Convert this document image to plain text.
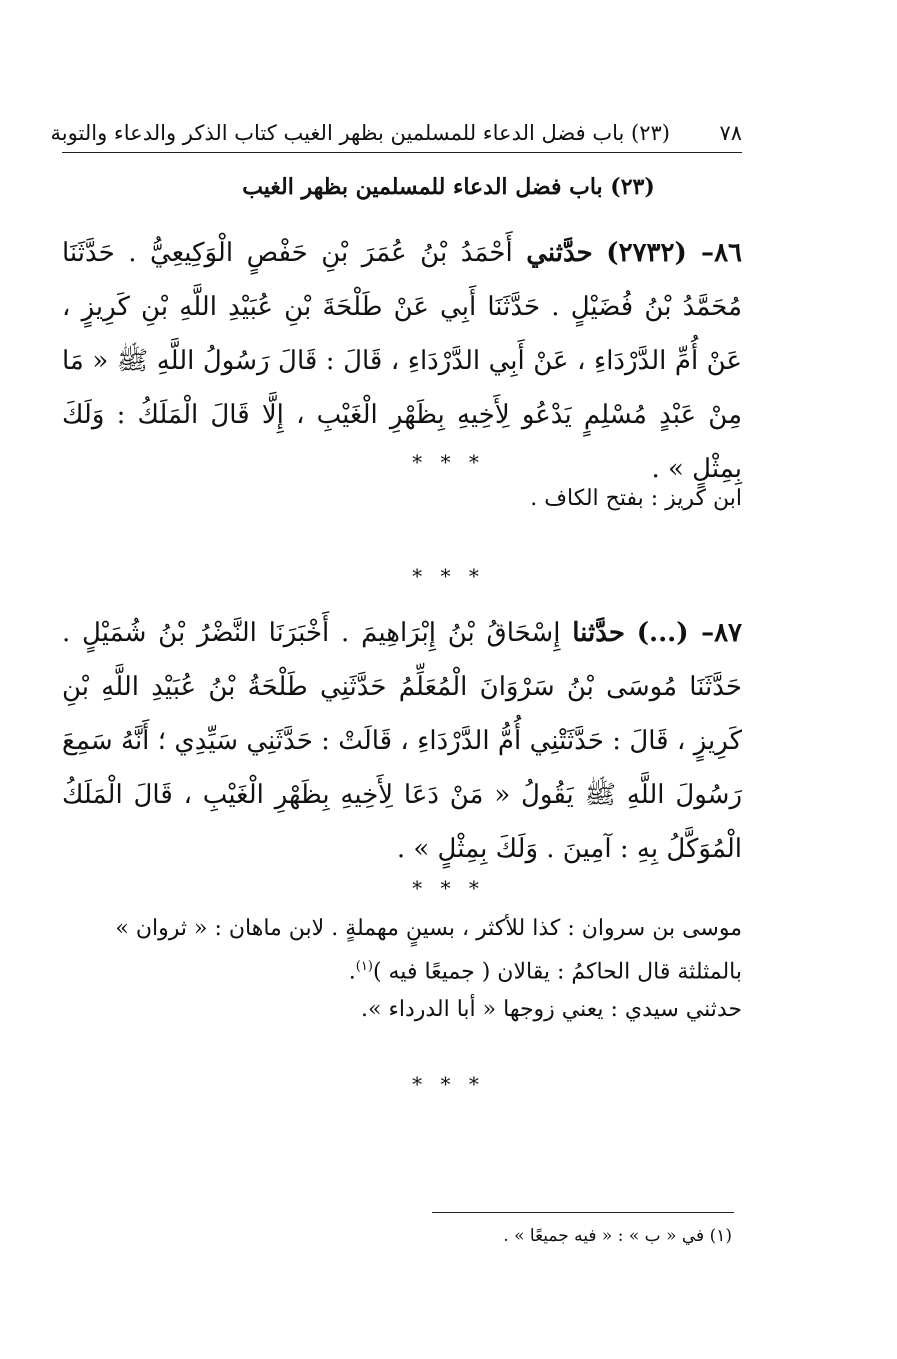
٧٨
(٢٣) باب فضل الدعاء للمسلمين بظهر الغيب كتاب الذكر والدعاء والتوبة
(٢٣) باب فضل الدعاء للمسلمين بظهر الغيب
٨٦– (٢٧٣٢) حدَّثني أَحْمَدُ بْنُ عُمَرَ بْنِ حَفْصٍ الْوَكِيعِيُّ . حَدَّثَنَا مُحَمَّدُ بْنُ فُضَيْلٍ . حَدَّثَنَا أَبِي عَنْ طَلْحَةَ بْنِ عُبَيْدِ اللَّهِ بْنِ كَرِيزٍ ، عَنْ أُمِّ الدَّرْدَاءِ ، عَنْ أَبِي الدَّرْدَاءِ ، قَالَ : قَالَ رَسُولُ اللَّهِ ﷺ « مَا مِنْ عَبْدٍ مُسْلِمٍ يَدْعُو لِأَخِيهِ بِظَهْرِ الْغَيْبِ ، إِلَّا قَالَ الْمَلَكُ : وَلَكَ بِمِثْلٍ » .
* * *
ابن كريز : بفتح الكاف .
* * *
٨٧– (...) حدَّثنا إِسْحَاقُ بْنُ إِبْرَاهِيمَ . أَخْبَرَنَا النَّضْرُ بْنُ شُمَيْلٍ . حَدَّثَنَا مُوسَى بْنُ سَرْوَانَ الْمُعَلِّمُ حَدَّثَنِي طَلْحَةُ بْنُ عُبَيْدِ اللَّهِ بْنِ كَرِيزٍ ، قَالَ : حَدَّثَتْنِي أُمُّ الدَّرْدَاءِ ، قَالَتْ : حَدَّثَنِي سَيِّدِي ؛ أَنَّهُ سَمِعَ رَسُولَ اللَّهِ ﷺ يَقُولُ « مَنْ دَعَا لِأَخِيهِ بِظَهْرِ الْغَيْبِ ، قَالَ الْمَلَكُ الْمُوَكَّلُ بِهِ : آمِينَ . وَلَكَ بِمِثْلٍ » .
* * *
موسى بن سروان : كذا للأكثر ، بسينٍ مهملةٍ . لابن ماهان : « ثروان »
بالمثلثة قال الحاكمُ : يقالان ( جميعًا فيه )$^{(١)}$.
حدثني سيدي : يعني زوجها « أبا الدرداء ».
* * *
(١) في « ب » : « فيه جميعًا » .
